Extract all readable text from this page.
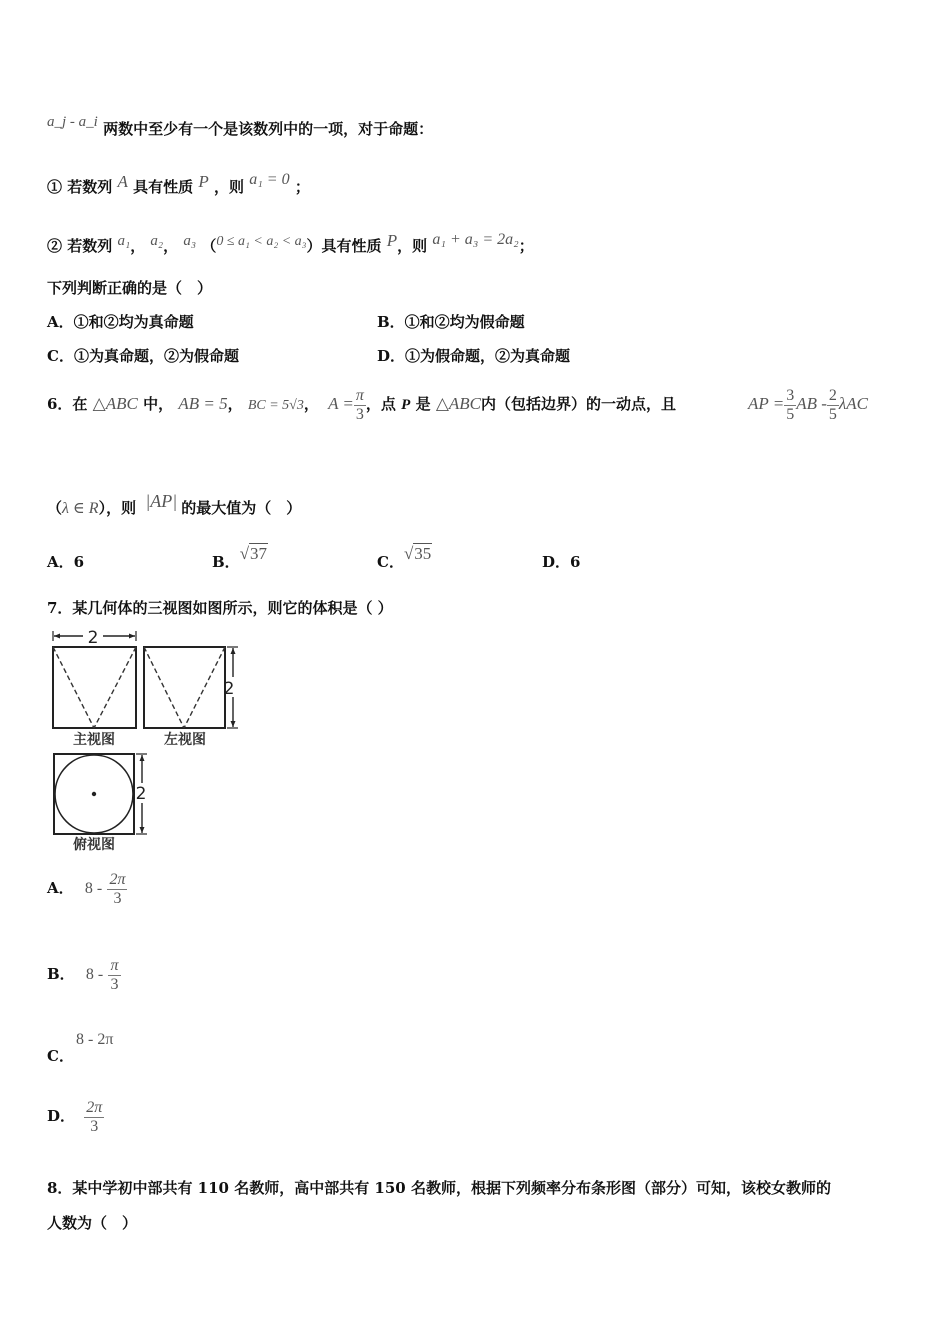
a_j - a_i 两数中至少有一个是该数列中的一项，对于命题：
① 若数列 A 具有性质 P ，则 a₁ = 0 ；
② 若数列 a₁， a₂， a₃ （0 ≤ a₁ < a₂ < a₃）具有性质 P，则 a₁ + a₃ = 2a₂；
下列判断正确的是（　）
A．①和②均为真命题	B．①和②均为假命题
C．①为真命题，②为假命题	D．①为假命题，②为真命题
6．在 △ABC 中， AB = 5， BC = 5√3， $A = \frac{\pi}{3}$ ，点 P 是 △ABC内（包括边界）的一动点，且	AP = $\frac{3}{5}$ AB - $\frac{2}{5}$ λAC
（λ ∈ R），则 |AP| 的最大值为（　）
A．6	B．√37	C．√35	D．6
7．某几何体的三视图如图所示，则它的体积是（ ）
2
主视图
2
左视图
2
俯视图
A． $8 - \frac{2\pi}{3}$
B． $8 - \frac{\pi}{3}$
8 - 2π
C．
D． $\frac{2\pi}{3}$
8．某中学初中部共有 110 名教师，高中部共有 150 名教师，根据下列频率分布条形图（部分）可知，该校女教师的
人数为（　）
